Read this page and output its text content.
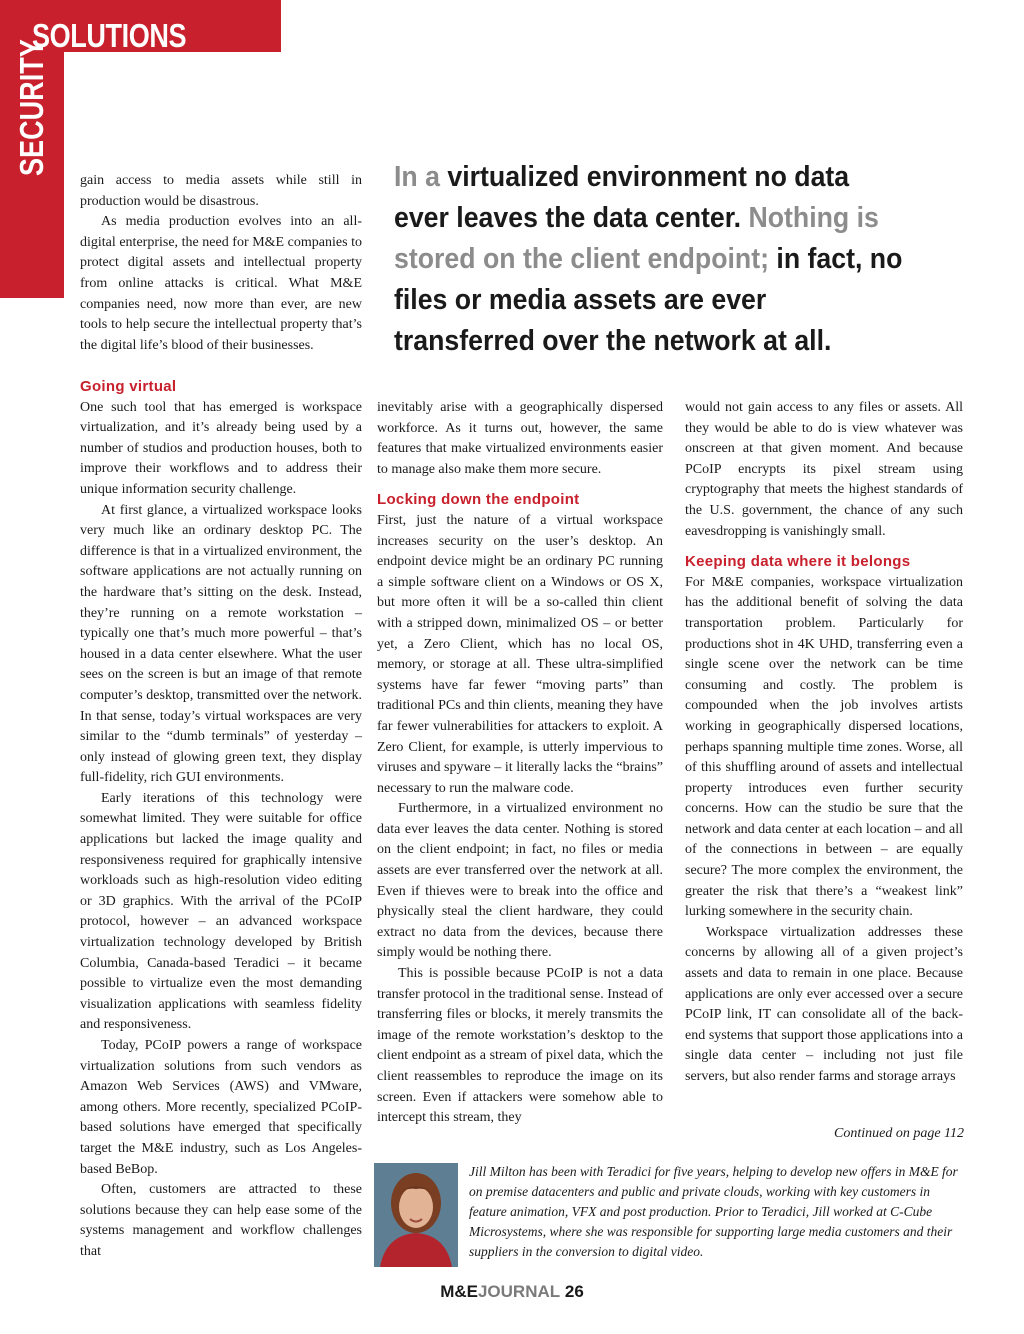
SOLUTIONS
SECURITY

In a virtualized environment no data ever leaves the data center. Nothing is stored on the client endpoint; in fact, no files or media assets are ever transferred over the network at all.

gain access to media assets while still in production would be disastrous.

As media production evolves into an all-digital enterprise, the need for M&E companies to protect digital assets and intellectual property from online attacks is critical. What M&E companies need, now more than ever, are new tools to help secure the intellectual property that’s the digital life’s blood of their businesses.

Going virtual

One such tool that has emerged is workspace virtualization, and it’s already being used by a number of studios and production houses, both to improve their workflows and to address their unique information security challenge.

At first glance, a virtualized workspace looks very much like an ordinary desktop PC. The difference is that in a virtualized environment, the software applications are not actually running on the hardware that’s sitting on the desk. Instead, they’re running on a remote workstation – typically one that’s much more powerful – that’s housed in a data center elsewhere. What the user sees on the screen is but an image of that remote computer’s desktop, transmitted over the network. In that sense, today’s virtual workspaces are very similar to the “dumb terminals” of yesterday – only instead of glowing green text, they display full-fidelity, rich GUI environments.

Early iterations of this technology were somewhat limited. They were suitable for office applications but lacked the image quality and responsiveness required for graphically intensive workloads such as high-resolution video editing or 3D graphics. With the arrival of the PCoIP protocol, however – an advanced workspace virtualization technology developed by British Columbia, Canada-based Teradici – it became possible to virtualize even the most demanding visualization applications with seamless fidelity and responsiveness.

Today, PCoIP powers a range of workspace virtualization solutions from such vendors as Amazon Web Services (AWS) and VMware, among others. More recently, specialized PCoIP-based solutions have emerged that specifically target the M&E industry, such as Los Angeles-based BeBop.

Often, customers are attracted to these solutions because they can help ease some of the systems management and workflow challenges that

inevitably arise with a geographically dispersed workforce. As it turns out, however, the same features that make virtualized environments easier to manage also make them more secure.

Locking down the endpoint

First, just the nature of a virtual workspace increases security on the user’s desktop. An endpoint device might be an ordinary PC running a simple software client on a Windows or OS X, but more often it will be a so-called thin client with a stripped down, minimalized OS – or better yet, a Zero Client, which has no local OS, memory, or storage at all. These ultra-simplified systems have far fewer “moving parts” than traditional PCs and thin clients, meaning they have far fewer vulnerabilities for attackers to exploit. A Zero Client, for example, is utterly impervious to viruses and spyware – it literally lacks the “brains” necessary to run the malware code.

Furthermore, in a virtualized environment no data ever leaves the data center. Nothing is stored on the client endpoint; in fact, no files or media assets are ever transferred over the network at all. Even if thieves were to break into the office and physically steal the client hardware, they could extract no data from the devices, because there simply would be nothing there.

This is possible because PCoIP is not a data transfer protocol in the traditional sense. Instead of transferring files or blocks, it merely transmits the image of the remote workstation’s desktop to the client endpoint as a stream of pixel data, which the client reassembles to reproduce the image on its screen. Even if attackers were somehow able to intercept this stream, they

would not gain access to any files or assets. All they would be able to do is view whatever was onscreen at that given moment. And because PCoIP encrypts its pixel stream using cryptography that meets the highest standards of the U.S. government, the chance of any such eavesdropping is vanishingly small.

Keeping data where it belongs

For M&E companies, workspace virtualization has the additional benefit of solving the data transportation problem. Particularly for productions shot in 4K UHD, transferring even a single scene over the network can be time consuming and costly. The problem is compounded when the job involves artists working in geographically dispersed locations, perhaps spanning multiple time zones. Worse, all of this shuffling around of assets and intellectual property introduces even further security concerns. How can the studio be sure that the network and data center at each location – and all of the connections in between – are equally secure? The more complex the environment, the greater the risk that there’s a “weakest link” lurking somewhere in the security chain.

Workspace virtualization addresses these concerns by allowing all of a given project’s assets and data to remain in one place. Because applications are only ever accessed over a secure PCoIP link, IT can consolidate all of the back-end systems that support those applications into a single data center – including not just file servers, but also render farms and storage arrays

Continued on page 112

Jill Milton has been with Teradici for five years, helping to develop new offers in M&E for on premise datacenters and public and private clouds, working with key customers in feature animation, VFX and post production. Prior to Teradici, Jill worked at C-Cube Microsystems, where she was responsible for supporting large media customers and their suppliers in the conversion to digital video.

M&EJOURNAL 26
